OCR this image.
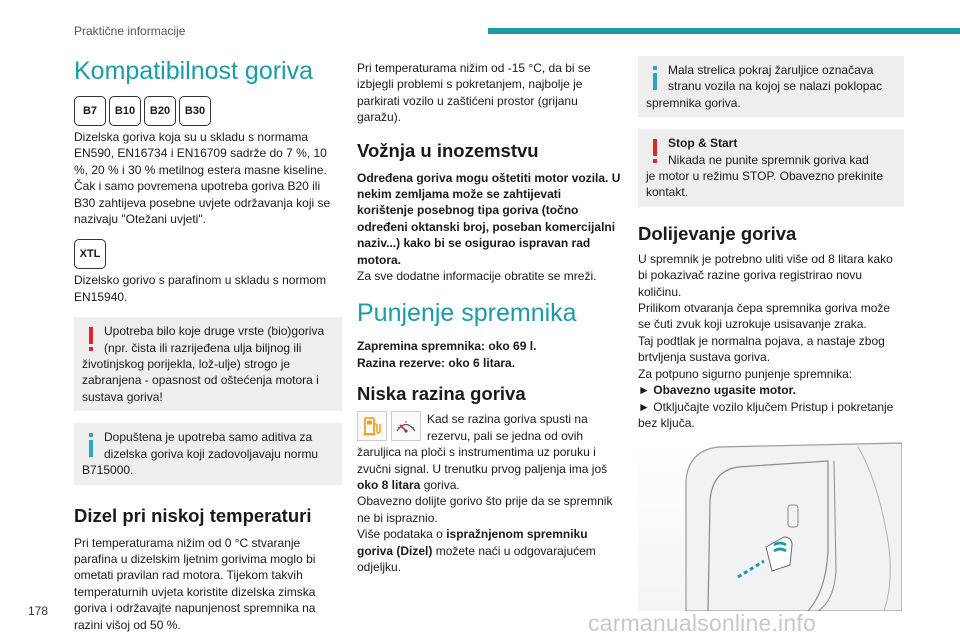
Praktične informacije
Kompatibilnost goriva
B7	B10	B20	B30

Dizelska goriva koja su u skladu s normama EN590, EN16734 i EN16709 sadrže do 7 %, 10 %, 20 % i 30 % metilnog estera masne kiseline. Čak i samo povremena upotreba goriva B20 ili B30 zahtijeva posebne uvjete održavanja koji se nazivaju "Otežani uvjeti".

XTL

Dizelsko gorivo s parafinom u skladu s normom EN15940.

Upotreba bilo koje druge vrste (bio)goriva (npr. čista ili razrijeđena ulja biljnog ili

životinjskog porijekla, lož-ulje) strogo je zabranjena - opasnost od oštećenja motora i sustava goriva!

Dopuštena je upotreba samo aditiva za dizelska goriva koji zadovoljavaju normu

B715000.

Dizel pri niskoj temperaturi

Pri temperaturama nižim od 0 °C stvaranje parafina u dizelskim ljetnim gorivima moglo bi ometati pravilan rad motora. Tijekom takvih temperaturnih uvjeta koristite dizelska zimska goriva i održavajte napunjenost spremnika na razini višoj od 50 %.

Pri temperaturama nižim od -15 °C, da bi se izbjegli problemi s pokretanjem, najbolje je parkirati vozilo u zaštićeni prostor (grijanu garažu).

Vožnja u inozemstvu

Određena goriva mogu oštetiti motor vozila. U nekim zemljama može se zahtijevati korištenje posebnog tipa goriva (točno određeni oktanski broj, poseban komercijalni naziv...) kako bi se osigurao ispravan rad motora.

Za sve dodatne informacije obratite se mreži.

Punjenje spremnika

Zapremina spremnika: oko 69 l.

Razina rezerve: oko 6 litara.

Niska razina goriva

Kad se razina goriva spusti na rezervu, pali se jedna od ovih žaruljica na ploči s instrumentima uz poruku i zvučni signal. U trenutku prvog paljenja ima još oko 8 litara goriva.

Obavezno dolijte gorivo što prije da se spremnik ne bi ispraznio.

Više podataka o ispražnjenom spremniku goriva (Dizel) možete naći u odgovarajućem odjeljku.

Mala strelica pokraj žaruljice označava stranu vozila na kojoj se nalazi poklopac

spremnika goriva.

Stop & Start

Nikada ne punite spremnik goriva kad

je motor u režimu STOP. Obavezno prekinite kontakt.

Dolijevanje goriva

U spremnik je potrebno uliti više od 8 litara kako bi pokazivač razine goriva registrirao novu količinu.

Prilikom otvaranja čepa spremnika goriva može se čuti zvuk koji uzrokuje usisavanje zraka.

Taj podtlak je normalna pojava, a nastaje zbog brtvljenja sustava goriva.

Za potpuno sigurno punjenje spremnika:

► Obavezno ugasite motor.

► Otključajte vozilo ključem Pristup i pokretanje bez ključa.

178	carmanualsonline.info
